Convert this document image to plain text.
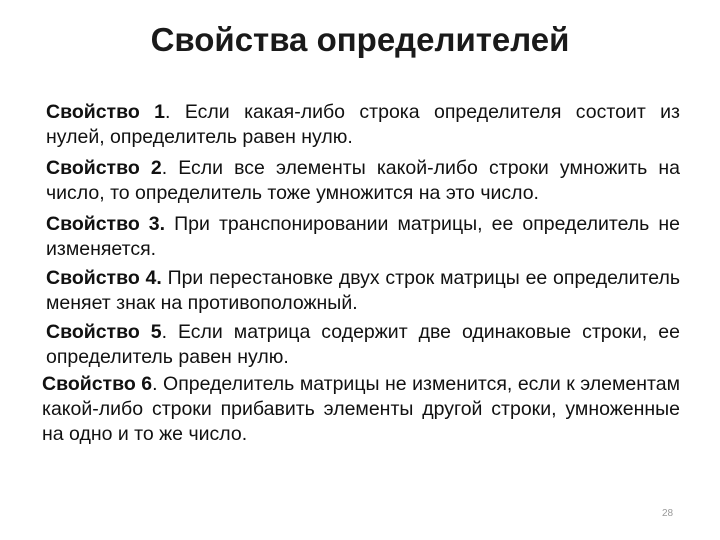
Свойства определителей

Свойство 1. Если какая-либо строка определителя состоит из нулей, определитель равен нулю.

Свойство 2. Если все элементы какой-либо строки умножить на число, то определитель тоже умножится на это число.

Свойство 3. При транспонировании матрицы, ее определитель не изменяется.

Свойство 4. При перестановке двух строк матрицы ее определитель меняет знак на противоположный.

Свойство 5. Если матрица содержит две одинаковые строки, ее определитель равен нулю.

Свойство 6. Определитель матрицы не изменится, если к элементам какой-либо строки прибавить элементы другой строки, умноженные на одно и то же число.

28
